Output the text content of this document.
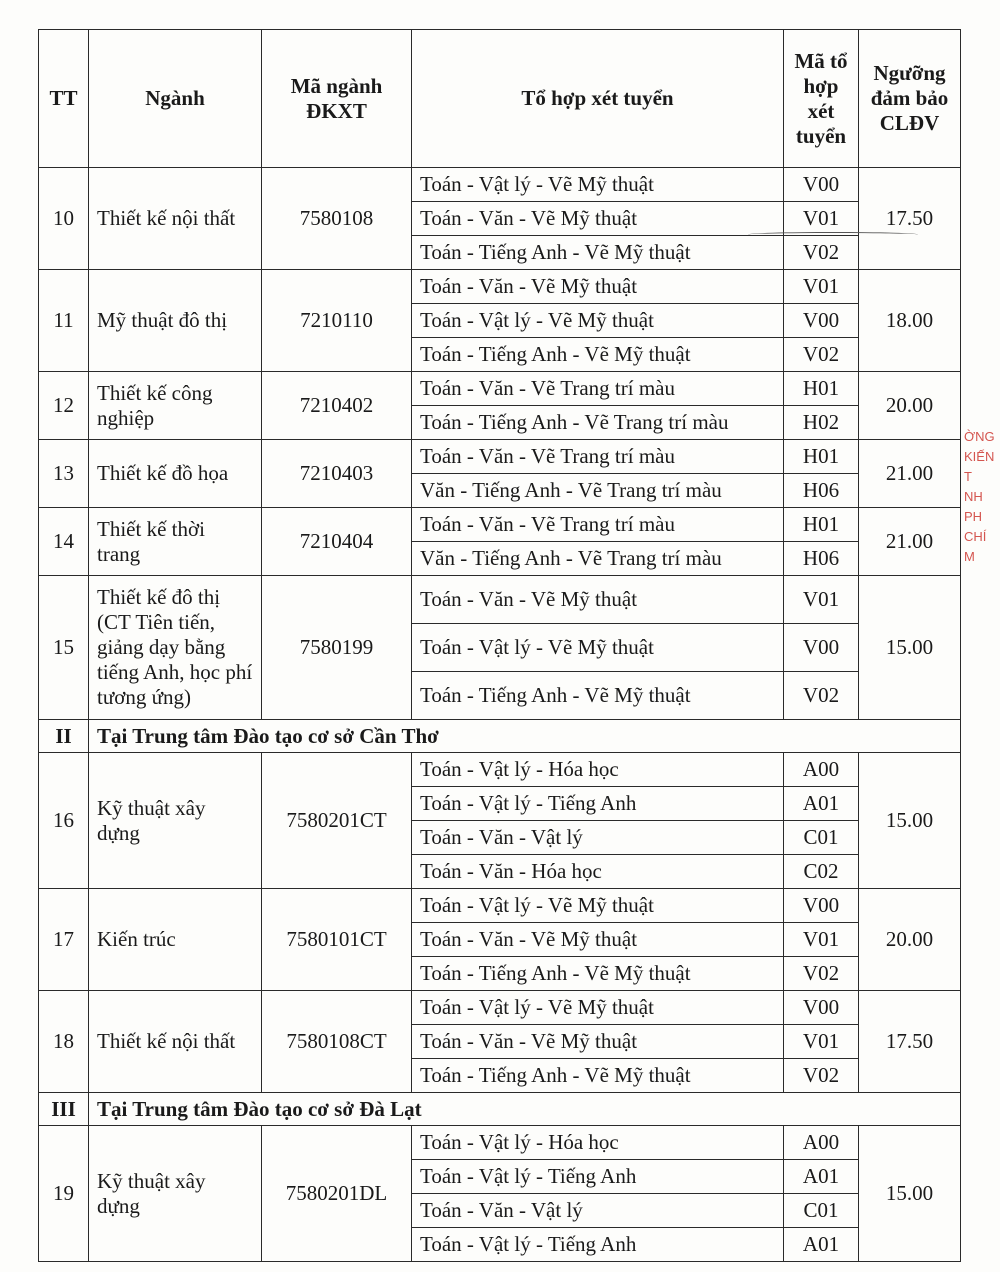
TT	Ngành	Mã ngành ĐKXT	Tổ hợp xét tuyển	Mã tổ hợp xét tuyển	Ngưỡng đảm bảo CLĐV
10	Thiết kế nội thất	7580108	Toán - Vật lý - Vẽ Mỹ thuật	V00	17.50
			Toán - Văn - Vẽ Mỹ thuật	V01	
			Toán - Tiếng Anh - Vẽ Mỹ thuật	V02	
11	Mỹ thuật đô thị	7210110	Toán - Văn - Vẽ Mỹ thuật	V01	18.00
			Toán - Vật lý - Vẽ Mỹ thuật	V00	
			Toán - Tiếng Anh - Vẽ Mỹ thuật	V02	
12	Thiết kế công nghiệp	7210402	Toán - Văn - Vẽ Trang trí màu	H01	20.00
			Toán - Tiếng Anh - Vẽ Trang trí màu	H02	
13	Thiết kế đồ họa	7210403	Toán - Văn - Vẽ Trang trí màu	H01	21.00
			Văn - Tiếng Anh - Vẽ Trang trí màu	H06	
14	Thiết kế thời trang	7210404	Toán - Văn - Vẽ Trang trí màu	H01	21.00
			Văn - Tiếng Anh - Vẽ Trang trí màu	H06	
15	Thiết kế đô thị (CT Tiên tiến, giảng dạy bằng tiếng Anh, học phí tương ứng)	7580199	Toán - Văn - Vẽ Mỹ thuật	V01	15.00
			Toán - Vật lý - Vẽ Mỹ thuật	V00	
			Toán - Tiếng Anh - Vẽ Mỹ thuật	V02	
II	Tại Trung tâm Đào tạo cơ sở Cần Thơ				
16	Kỹ thuật xây dựng	7580201CT	Toán - Vật lý - Hóa học	A00	15.00
			Toán - Vật lý - Tiếng Anh	A01	
			Toán - Văn - Vật lý	C01	
			Toán - Văn - Hóa học	C02	
17	Kiến trúc	7580101CT	Toán - Vật lý - Vẽ Mỹ thuật	V00	20.00
			Toán - Văn - Vẽ Mỹ thuật	V01	
			Toán - Tiếng Anh - Vẽ Mỹ thuật	V02	
18	Thiết kế nội thất	7580108CT	Toán - Vật lý - Vẽ Mỹ thuật	V00	17.50
			Toán - Văn - Vẽ Mỹ thuật	V01	
			Toán - Tiếng Anh - Vẽ Mỹ thuật	V02	
III	Tại Trung tâm Đào tạo cơ sở Đà Lạt				
19	Kỹ thuật xây dựng	7580201DL	Toán - Vật lý - Hóa học	A00	15.00
			Toán - Vật lý - Tiếng Anh	A01	
			Toán - Văn - Vật lý	C01	
			Toán - Vật lý - Tiếng Anh	A01	
ỜNG
KIẾN T
NH PH
CHÍ M
